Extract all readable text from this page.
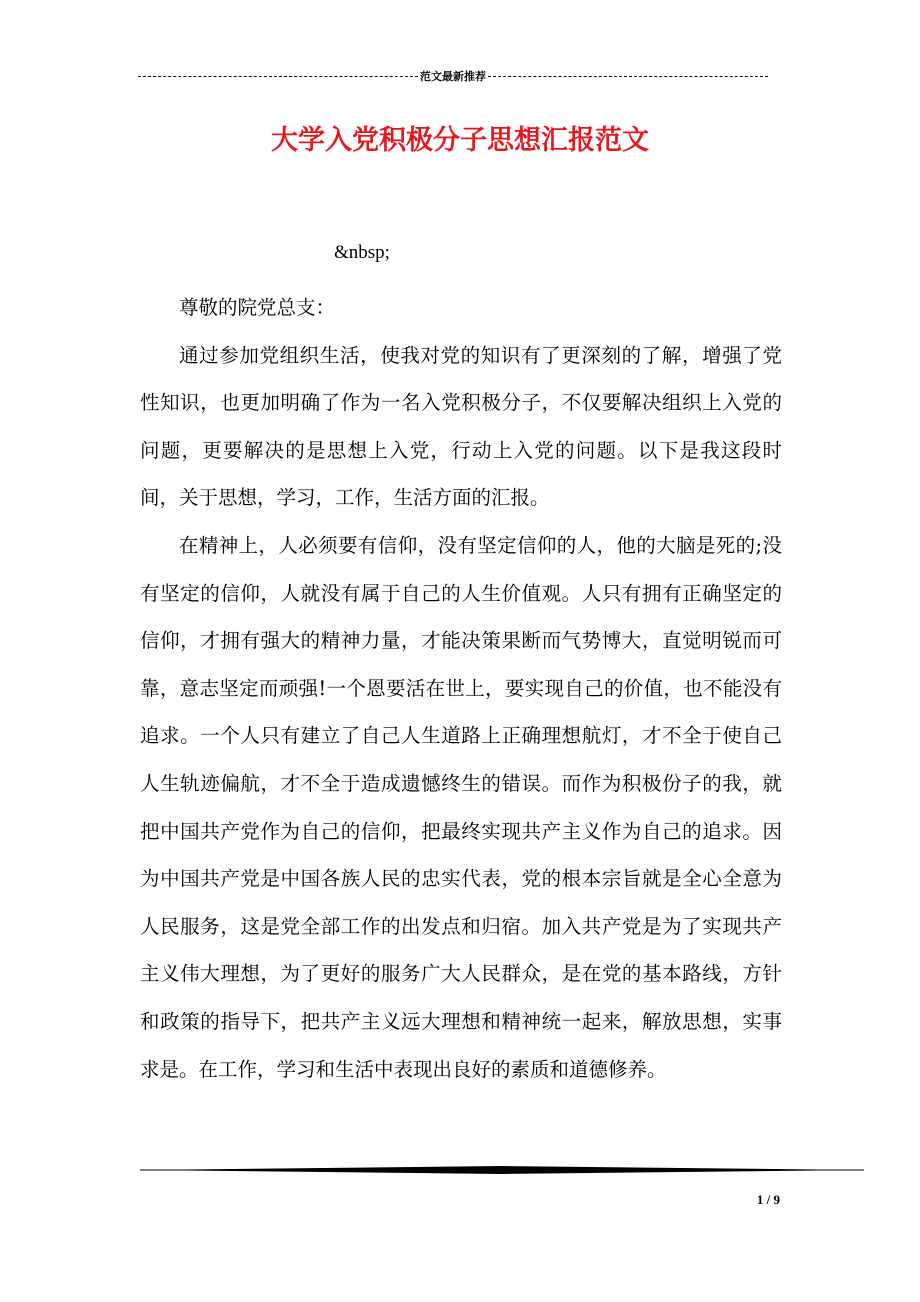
范文最新推荐
大学入党积极分子思想汇报范文
&nbsp;

尊敬的院党总支：

通过参加党组织生活，使我对党的知识有了更深刻的了解，增强了党性知识，也更加明确了作为一名入党积极分子，不仅要解决组织上入党的问题，更要解决的是思想上入党，行动上入党的问题。以下是我这段时间，关于思想，学习，工作，生活方面的汇报。

在精神上，人必须要有信仰，没有坚定信仰的人，他的大脑是死的;没有坚定的信仰，人就没有属于自己的人生价值观。人只有拥有正确坚定的信仰，才拥有强大的精神力量，才能决策果断而气势博大，直觉明锐而可靠，意志坚定而顽强!一个恩要活在世上，要实现自己的价值，也不能没有追求。一个人只有建立了自己人生道路上正确理想航灯，才不全于使自己人生轨迹偏航，才不全于造成遗憾终生的错误。而作为积极份子的我，就把中国共产党作为自己的信仰，把最终实现共产主义作为自己的追求。因为中国共产党是中国各族人民的忠实代表，党的根本宗旨就是全心全意为人民服务，这是党全部工作的出发点和归宿。加入共产党是为了实现共产主义伟大理想，为了更好的服务广大人民群众，是在党的基本路线，方针和政策的指导下，把共产主义远大理想和精神统一起来，解放思想，实事求是。在工作，学习和生活中表现出良好的素质和道德修养。

1 / 9
